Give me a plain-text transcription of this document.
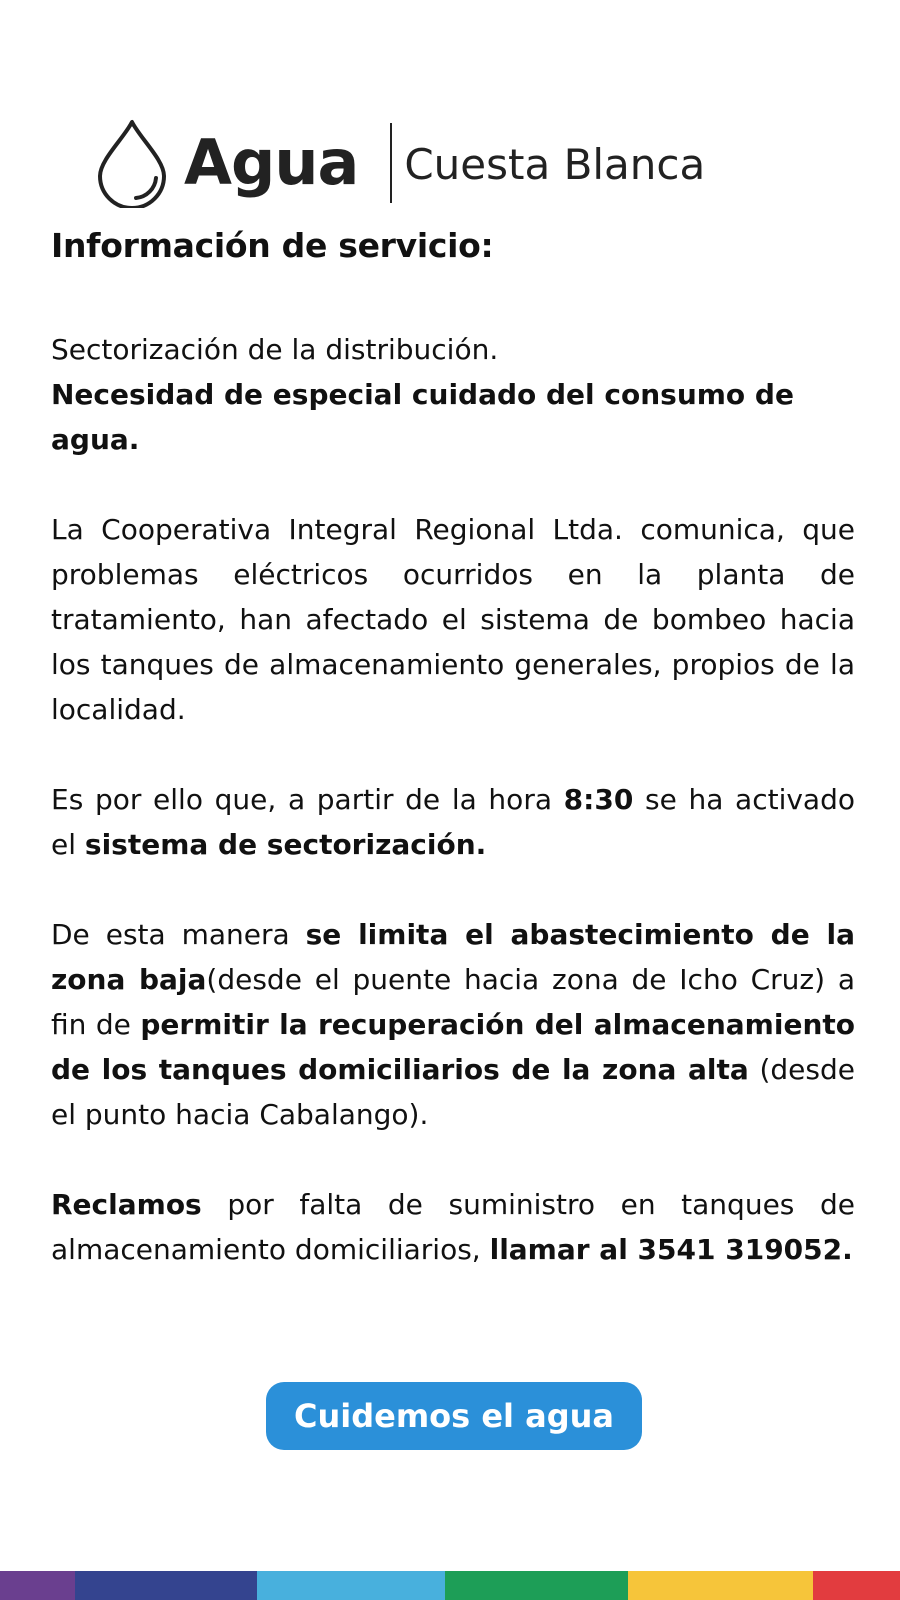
Agua Cuesta Blanca
Información de servicio:

Sectorización de la distribución.
Necesidad de especial cuidado del consumo de agua.

La Cooperativa Integral Regional Ltda. comunica, que problemas eléctricos ocurridos en la planta de tratamiento, han afectado el sistema de bombeo hacia los tanques de almacenamiento generales, propios de la localidad.

Es por ello que, a partir de la hora 8:30 se ha activado el sistema de sectorización.

De esta manera se limita el abastecimiento de la zona baja(desde el puente hacia zona de Icho Cruz) a fin de permitir la recuperación del almacenamiento de los tanques domiciliarios de la zona alta (desde el punto hacia Cabalango).

Reclamos por falta de suministro en tanques de almacenamiento domiciliarios, llamar al 3541 319052.

Cuidemos el agua
